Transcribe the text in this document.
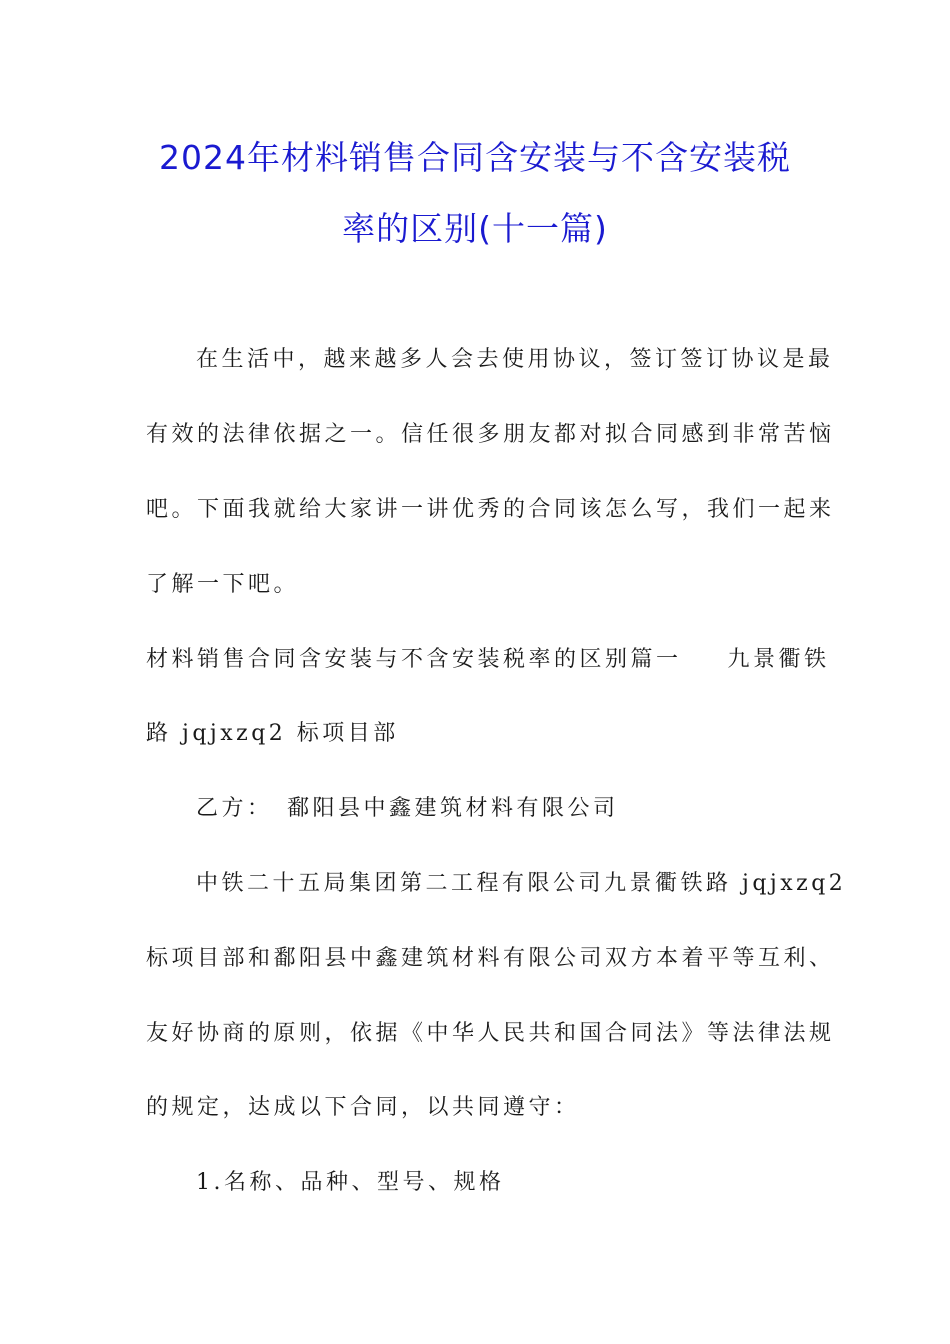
2024年材料销售合同含安装与不含安装税
率的区别(十一篇)
在生活中，越来越多人会去使用协议，签订签订协议是最
有效的法律依据之一。信任很多朋友都对拟合同感到非常苦恼
吧。下面我就给大家讲一讲优秀的合同该怎么写，我们一起来
了解一下吧。
材料销售合同含安装与不含安装税率的区别篇一 九景衢铁
路 jqjxzq2 标项目部
乙方：　鄱阳县中鑫建筑材料有限公司
中铁二十五局集团第二工程有限公司九景衢铁路 jqjxzq2
标项目部和鄱阳县中鑫建筑材料有限公司双方本着平等互利、
友好协商的原则，依据《中华人民共和国合同法》等法律法规
的规定，达成以下合同，以共同遵守：
1.名称、品种、型号、规格
